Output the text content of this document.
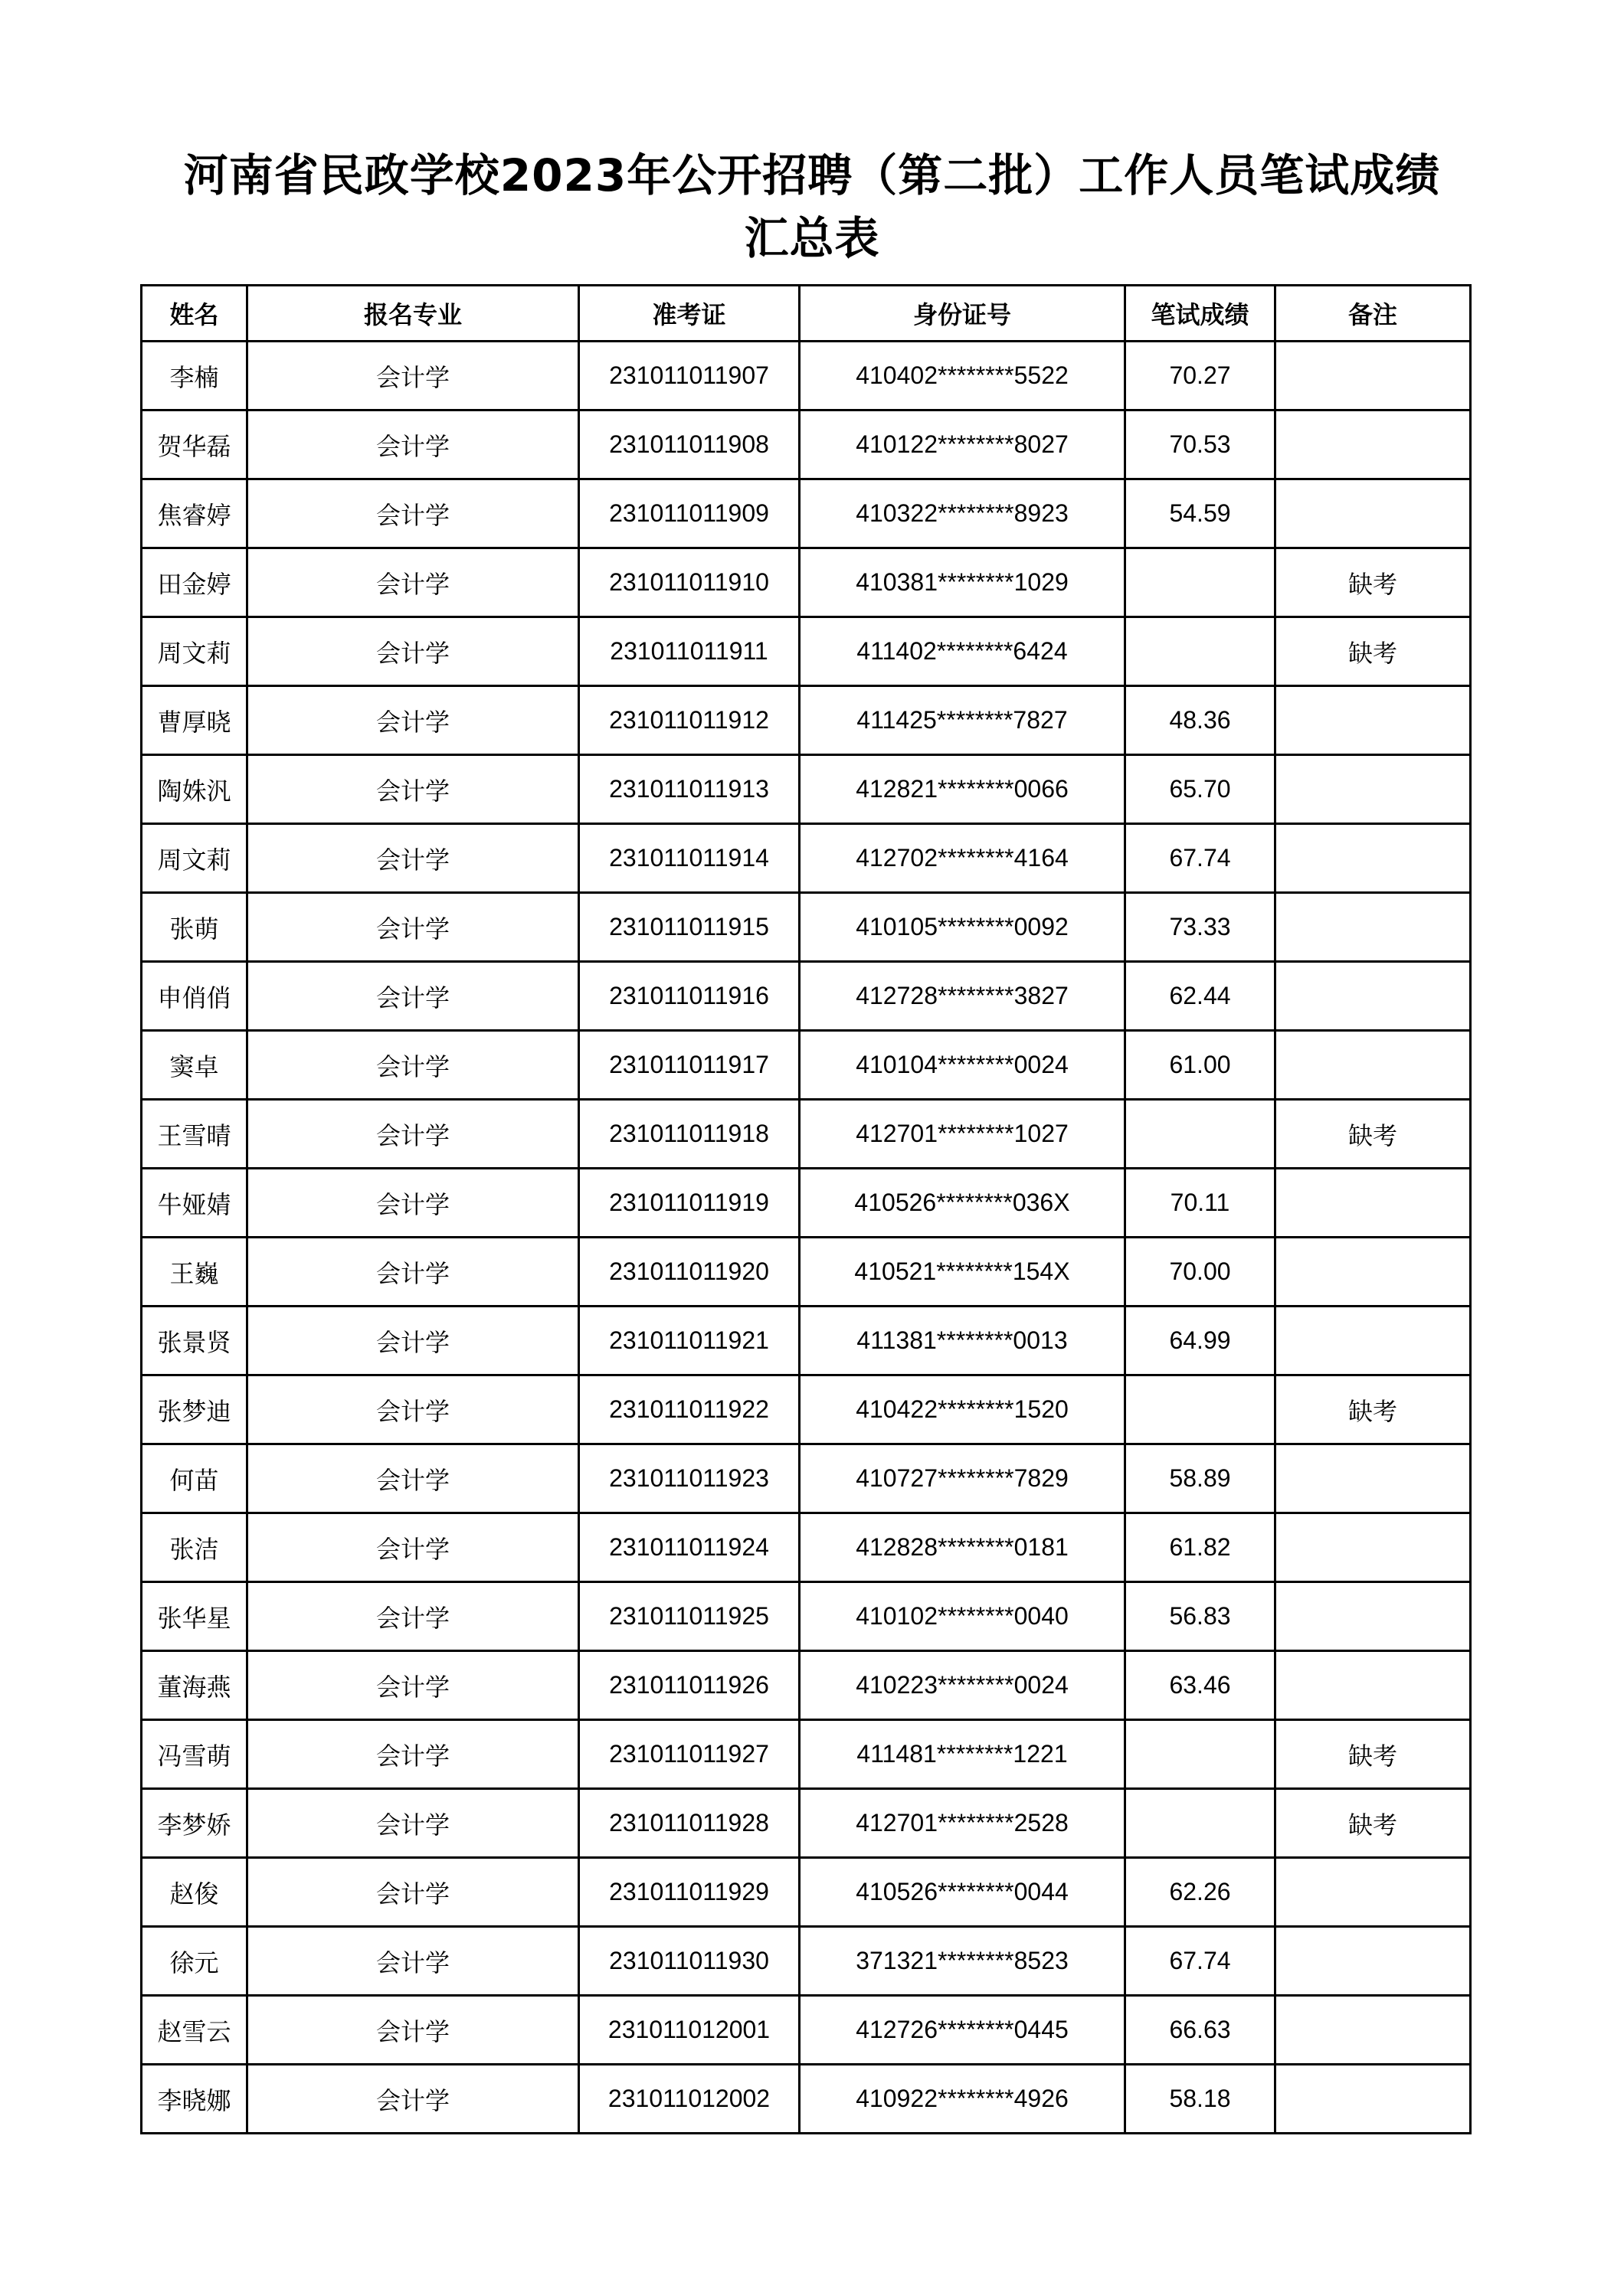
河南省民政学校2023年公开招聘（第二批）工作人员笔试成绩
汇总表
姓名	报名专业	准考证	身份证号	笔试成绩	备注
李楠	会计学	231011011907	410402********5522	70.27	
贺华磊	会计学	231011011908	410122********8027	70.53	
焦睿婷	会计学	231011011909	410322********8923	54.59	
田金婷	会计学	231011011910	410381********1029		缺考
周文莉	会计学	231011011911	411402********6424		缺考
曹厚晓	会计学	231011011912	411425********7827	48.36	
陶姝汎	会计学	231011011913	412821********0066	65.70	
周文莉	会计学	231011011914	412702********4164	67.74	
张萌	会计学	231011011915	410105********0092	73.33	
申俏俏	会计学	231011011916	412728********3827	62.44	
窦卓	会计学	231011011917	410104********0024	61.00	
王雪晴	会计学	231011011918	412701********1027		缺考
牛娅婧	会计学	231011011919	410526********036X	70.11	
王巍	会计学	231011011920	410521********154X	70.00	
张景贤	会计学	231011011921	411381********0013	64.99	
张梦迪	会计学	231011011922	410422********1520		缺考
何苗	会计学	231011011923	410727********7829	58.89	
张洁	会计学	231011011924	412828********0181	61.82	
张华星	会计学	231011011925	410102********0040	56.83	
董海燕	会计学	231011011926	410223********0024	63.46	
冯雪萌	会计学	231011011927	411481********1221		缺考
李梦娇	会计学	231011011928	412701********2528		缺考
赵俊	会计学	231011011929	410526********0044	62.26	
徐元	会计学	231011011930	371321********8523	67.74	
赵雪云	会计学	231011012001	412726********0445	66.63	
李晓娜	会计学	231011012002	410922********4926	58.18	
